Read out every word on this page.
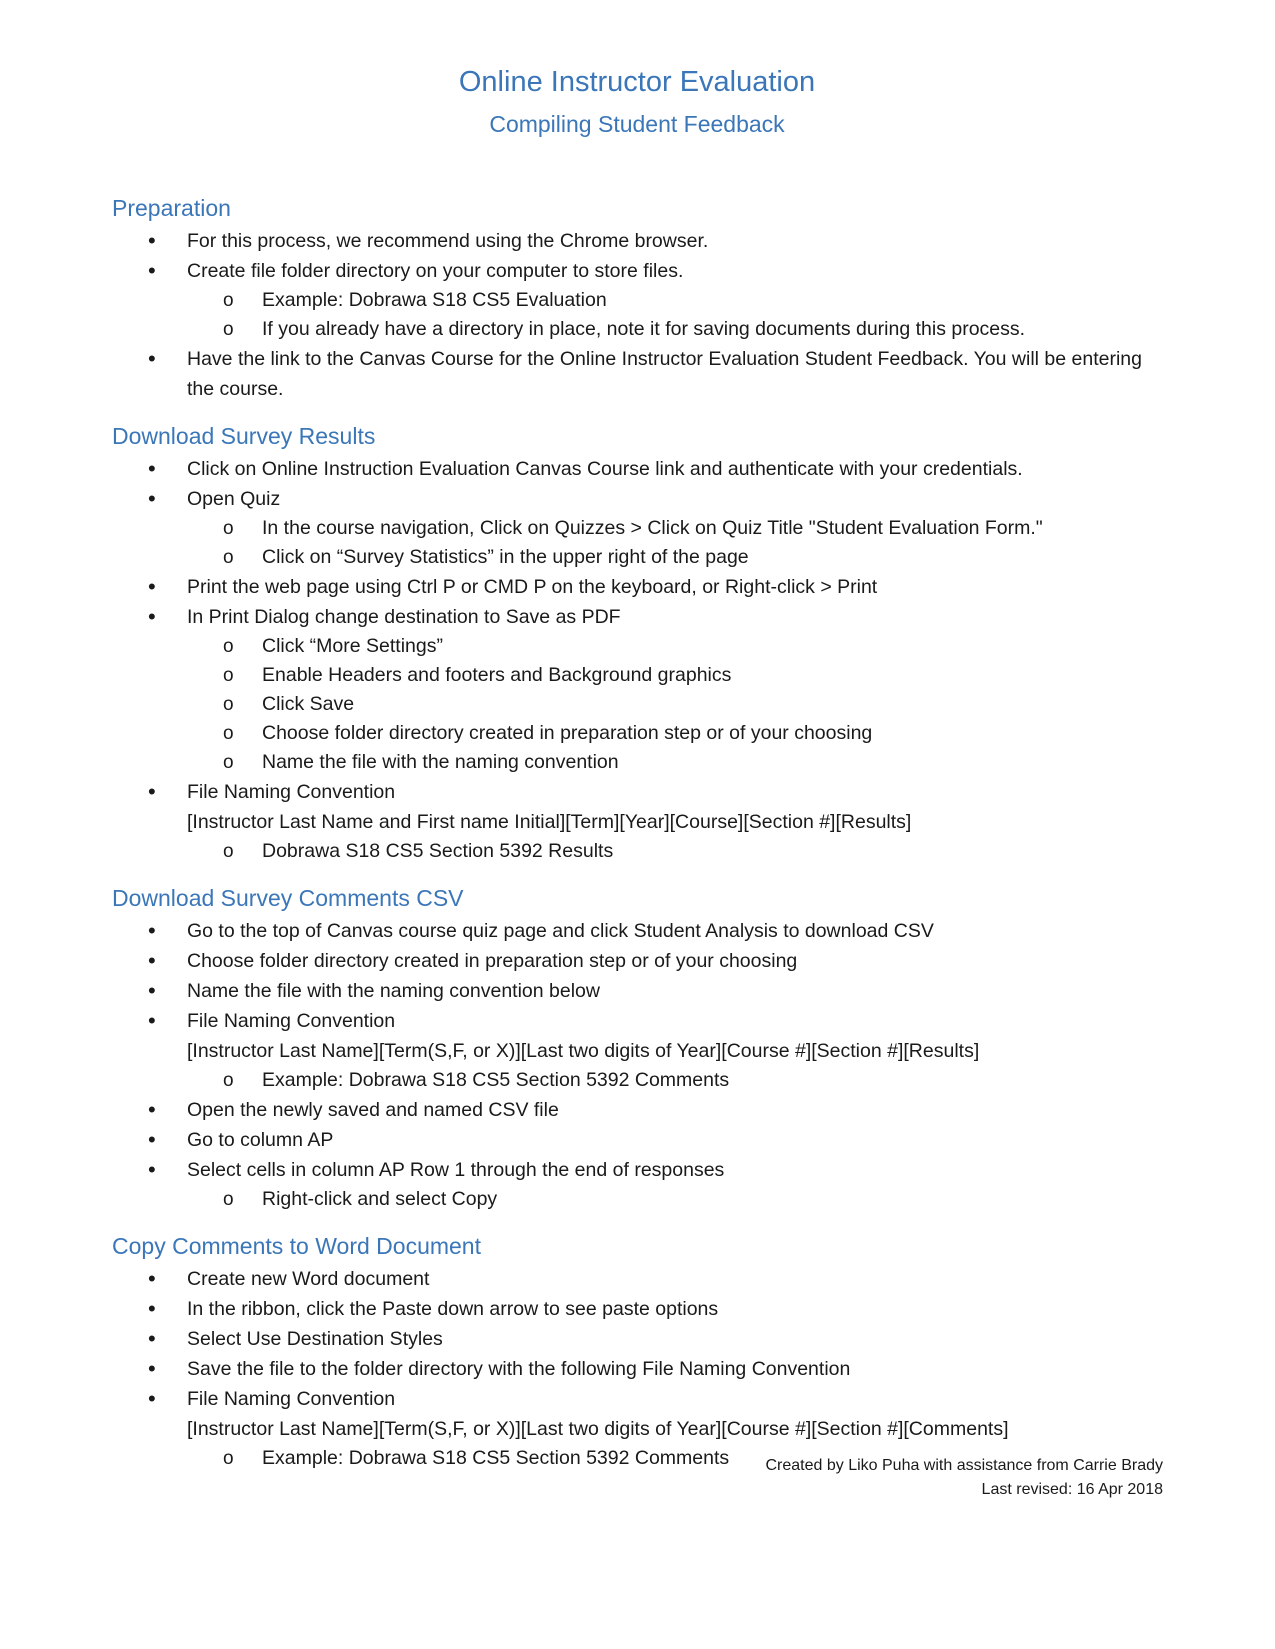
Online Instructor Evaluation
Compiling Student Feedback
Preparation
• For this process, we recommend using the Chrome browser.
• Create file folder directory on your computer to store files.
o Example: Dobrawa S18 CS5 Evaluation
o If you already have a directory in place, note it for saving documents during this process.
• Have the link to the Canvas Course for the Online Instructor Evaluation Student Feedback. You will be entering the course.
Download Survey Results
• Click on Online Instruction Evaluation Canvas Course link and authenticate with your credentials.
• Open Quiz
o In the course navigation, Click on Quizzes > Click on Quiz Title "Student Evaluation Form."
o Click on “Survey Statistics” in the upper right of the page
• Print the web page using Ctrl P or CMD P on the keyboard, or Right-click > Print
• In Print Dialog change destination to Save as PDF
o Click “More Settings”
o Enable Headers and footers and Background graphics
o Click Save
o Choose folder directory created in preparation step or of your choosing
o Name the file with the naming convention
• File Naming Convention
[Instructor Last Name and First name Initial][Term][Year][Course][Section #][Results]
o Dobrawa S18 CS5 Section 5392 Results
Download Survey Comments CSV
• Go to the top of Canvas course quiz page and click Student Analysis to download CSV
• Choose folder directory created in preparation step or of your choosing
• Name the file with the naming convention below
• File Naming Convention
[Instructor Last Name][Term(S,F, or X)][Last two digits of Year][Course #][Section #][Results]
o Example: Dobrawa S18 CS5 Section 5392 Comments
• Open the newly saved and named CSV file
• Go to column AP
• Select cells in column AP Row 1 through the end of responses
o Right-click and select Copy
Copy Comments to Word Document
• Create new Word document
• In the ribbon, click the Paste down arrow to see paste options
• Select Use Destination Styles
• Save the file to the folder directory with the following File Naming Convention
• File Naming Convention
[Instructor Last Name][Term(S,F, or X)][Last two digits of Year][Course #][Section #][Comments]
o Example: Dobrawa S18 CS5 Section 5392 Comments	Created by Liko Puha with assistance from Carrie Brady
Last revised: 16 Apr 2018
